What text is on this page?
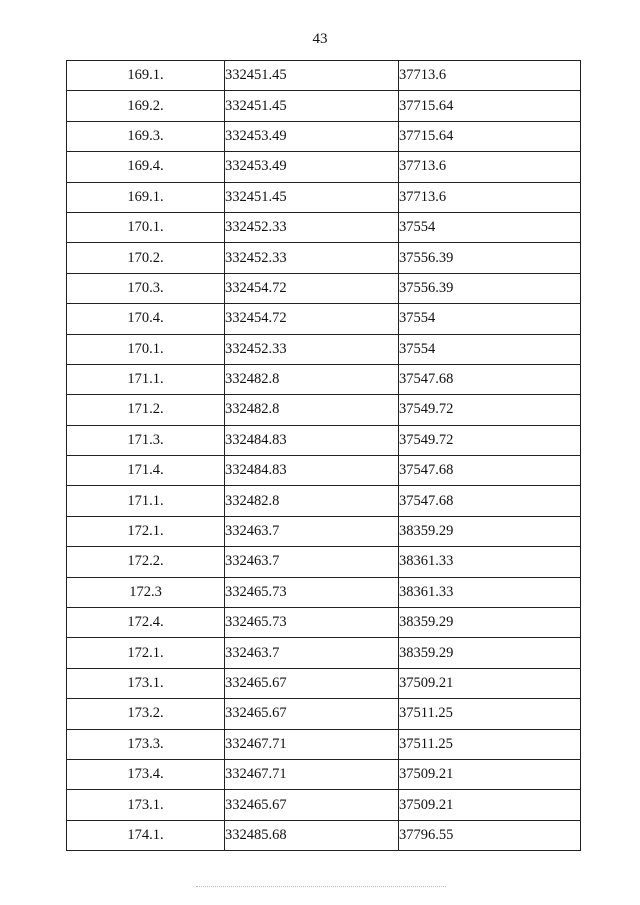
43
169.1.	332451.45	37713.6
169.2.	332451.45	37715.64
169.3.	332453.49	37715.64
169.4.	332453.49	37713.6
169.1.	332451.45	37713.6
170.1.	332452.33	37554
170.2.	332452.33	37556.39
170.3.	332454.72	37556.39
170.4.	332454.72	37554
170.1.	332452.33	37554
171.1.	332482.8	37547.68
171.2.	332482.8	37549.72
171.3.	332484.83	37549.72
171.4.	332484.83	37547.68
171.1.	332482.8	37547.68
172.1.	332463.7	38359.29
172.2.	332463.7	38361.33
172.3	332465.73	38361.33
172.4.	332465.73	38359.29
172.1.	332463.7	38359.29
173.1.	332465.67	37509.21
173.2.	332465.67	37511.25
173.3.	332467.71	37511.25
173.4.	332467.71	37509.21
173.1.	332465.67	37509.21
174.1.	332485.68	37796.55
